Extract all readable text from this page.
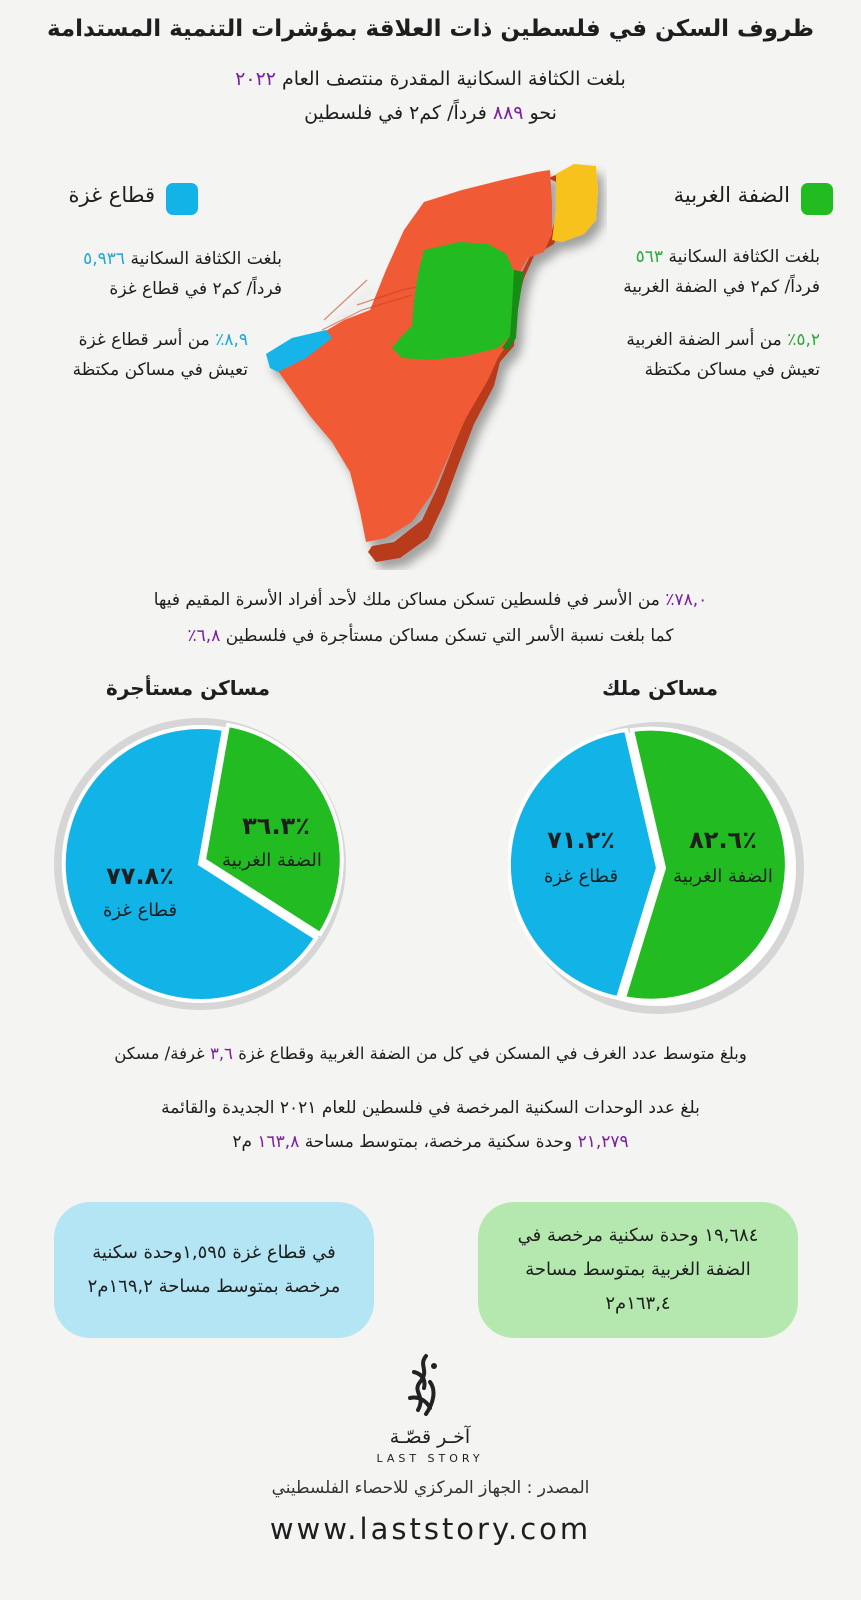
ظروف السكن في فلسطين ذات العلاقة بمؤشرات التنمية المستدامة
بلغت الكثافة السكانية المقدرة منتصف العام ٢٠٢٢
نحو ٨٨٩ فرداً/ كم٢ في فلسطين
الضفة الغربية
قطاع غزة
بلغت الكثافة السكانية ٥٦٣
فرداً/ كم٢ في الضفة الغربية
٥,٢٪ من أسر الضفة الغربية
تعيش في مساكن مكتظة
بلغت الكثافة السكانية ٥,٩٣٦
فرداً/ كم٢ في قطاع غزة
٨,٩٪ من أسر قطاع غزة
تعيش في مساكن مكتظة
٧٨,٠٪ من الأسر في فلسطين تسكن مساكن ملك لأحد أفراد الأسرة المقيم فيها
كما بلغت نسبة الأسر التي تسكن مساكن مستأجرة في فلسطين ٦,٨٪
مساكن ملك
مساكن مستأجرة
٨٢.٦٪
الضفة الغربية
٧١.٢٪
قطاع غزة
٣٦.٣٪
الضفة الغربية
٧٧.٨٪
قطاع غزة
وبلغ متوسط عدد الغرف في المسكن في كل من الضفة الغربية وقطاع غزة ٣,٦ غرفة/ مسكن
بلغ عدد الوحدات السكنية المرخصة في فلسطين للعام ٢٠٢١ الجديدة والقائمة
٢١,٢٧٩ وحدة سكنية مرخصة، بمتوسط مساحة ١٦٣,٨ م٢
١٩,٦٨٤ وحدة سكنية مرخصة في الضفة الغربية بمتوسط مساحة ١٦٣,٤م٢
في قطاع غزة ١,٥٩٥وحدة سكنية مرخصة بمتوسط مساحة ١٦٩,٢م٢
آخـر قصّـة
LAST STORY
المصدر : الجهاز المركزي للاحصاء الفلسطيني
www.laststory.com
